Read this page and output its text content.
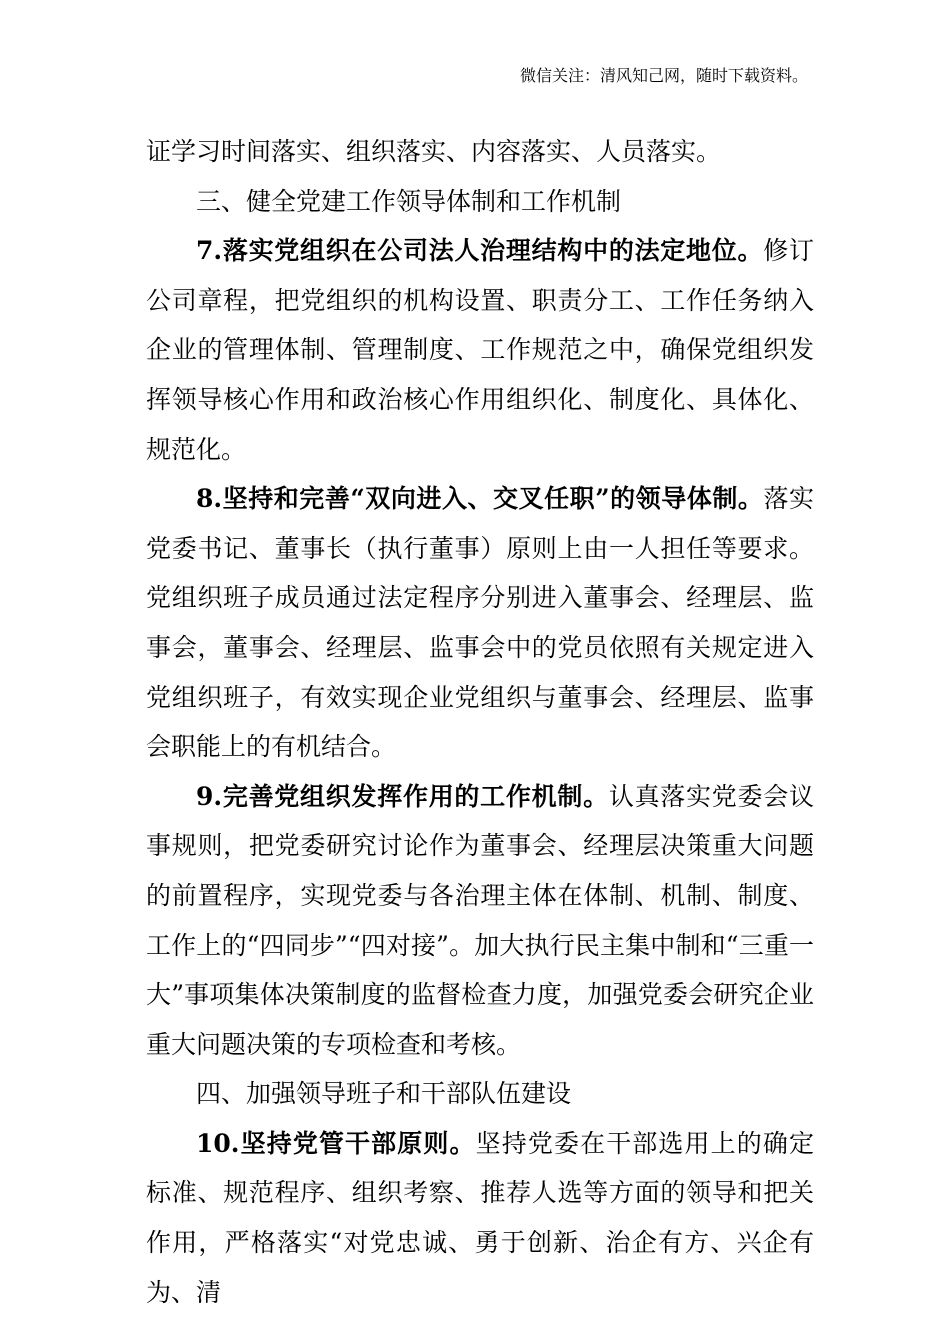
微信关注：清风知己网，随时下载资料。

证学习时间落实、组织落实、内容落实、人员落实。

三、健全党建工作领导体制和工作机制

7.落实党组织在公司法人治理结构中的法定地位。修订公司章程，把党组织的机构设置、职责分工、工作任务纳入企业的管理体制、管理制度、工作规范之中，确保党组织发挥领导核心作用和政治核心作用组织化、制度化、具体化、规范化。

8.坚持和完善“双向进入、交叉任职”的领导体制。落实党委书记、董事长（执行董事）原则上由一人担任等要求。党组织班子成员通过法定程序分别进入董事会、经理层、监事会，董事会、经理层、监事会中的党员依照有关规定进入党组织班子，有效实现企业党组织与董事会、经理层、监事会职能上的有机结合。

9.完善党组织发挥作用的工作机制。认真落实党委会议事规则，把党委研究讨论作为董事会、经理层决策重大问题的前置程序，实现党委与各治理主体在体制、机制、制度、工作上的“四同步”“四对接”。加大执行民主集中制和“三重一大”事项集体决策制度的监督检查力度，加强党委会研究企业重大问题决策的专项检查和考核。

四、加强领导班子和干部队伍建设

10.坚持党管干部原则。坚持党委在干部选用上的确定标准、规范程序、组织考察、推荐人选等方面的领导和把关作用，严格落实“对党忠诚、勇于创新、治企有方、兴企有为、清
